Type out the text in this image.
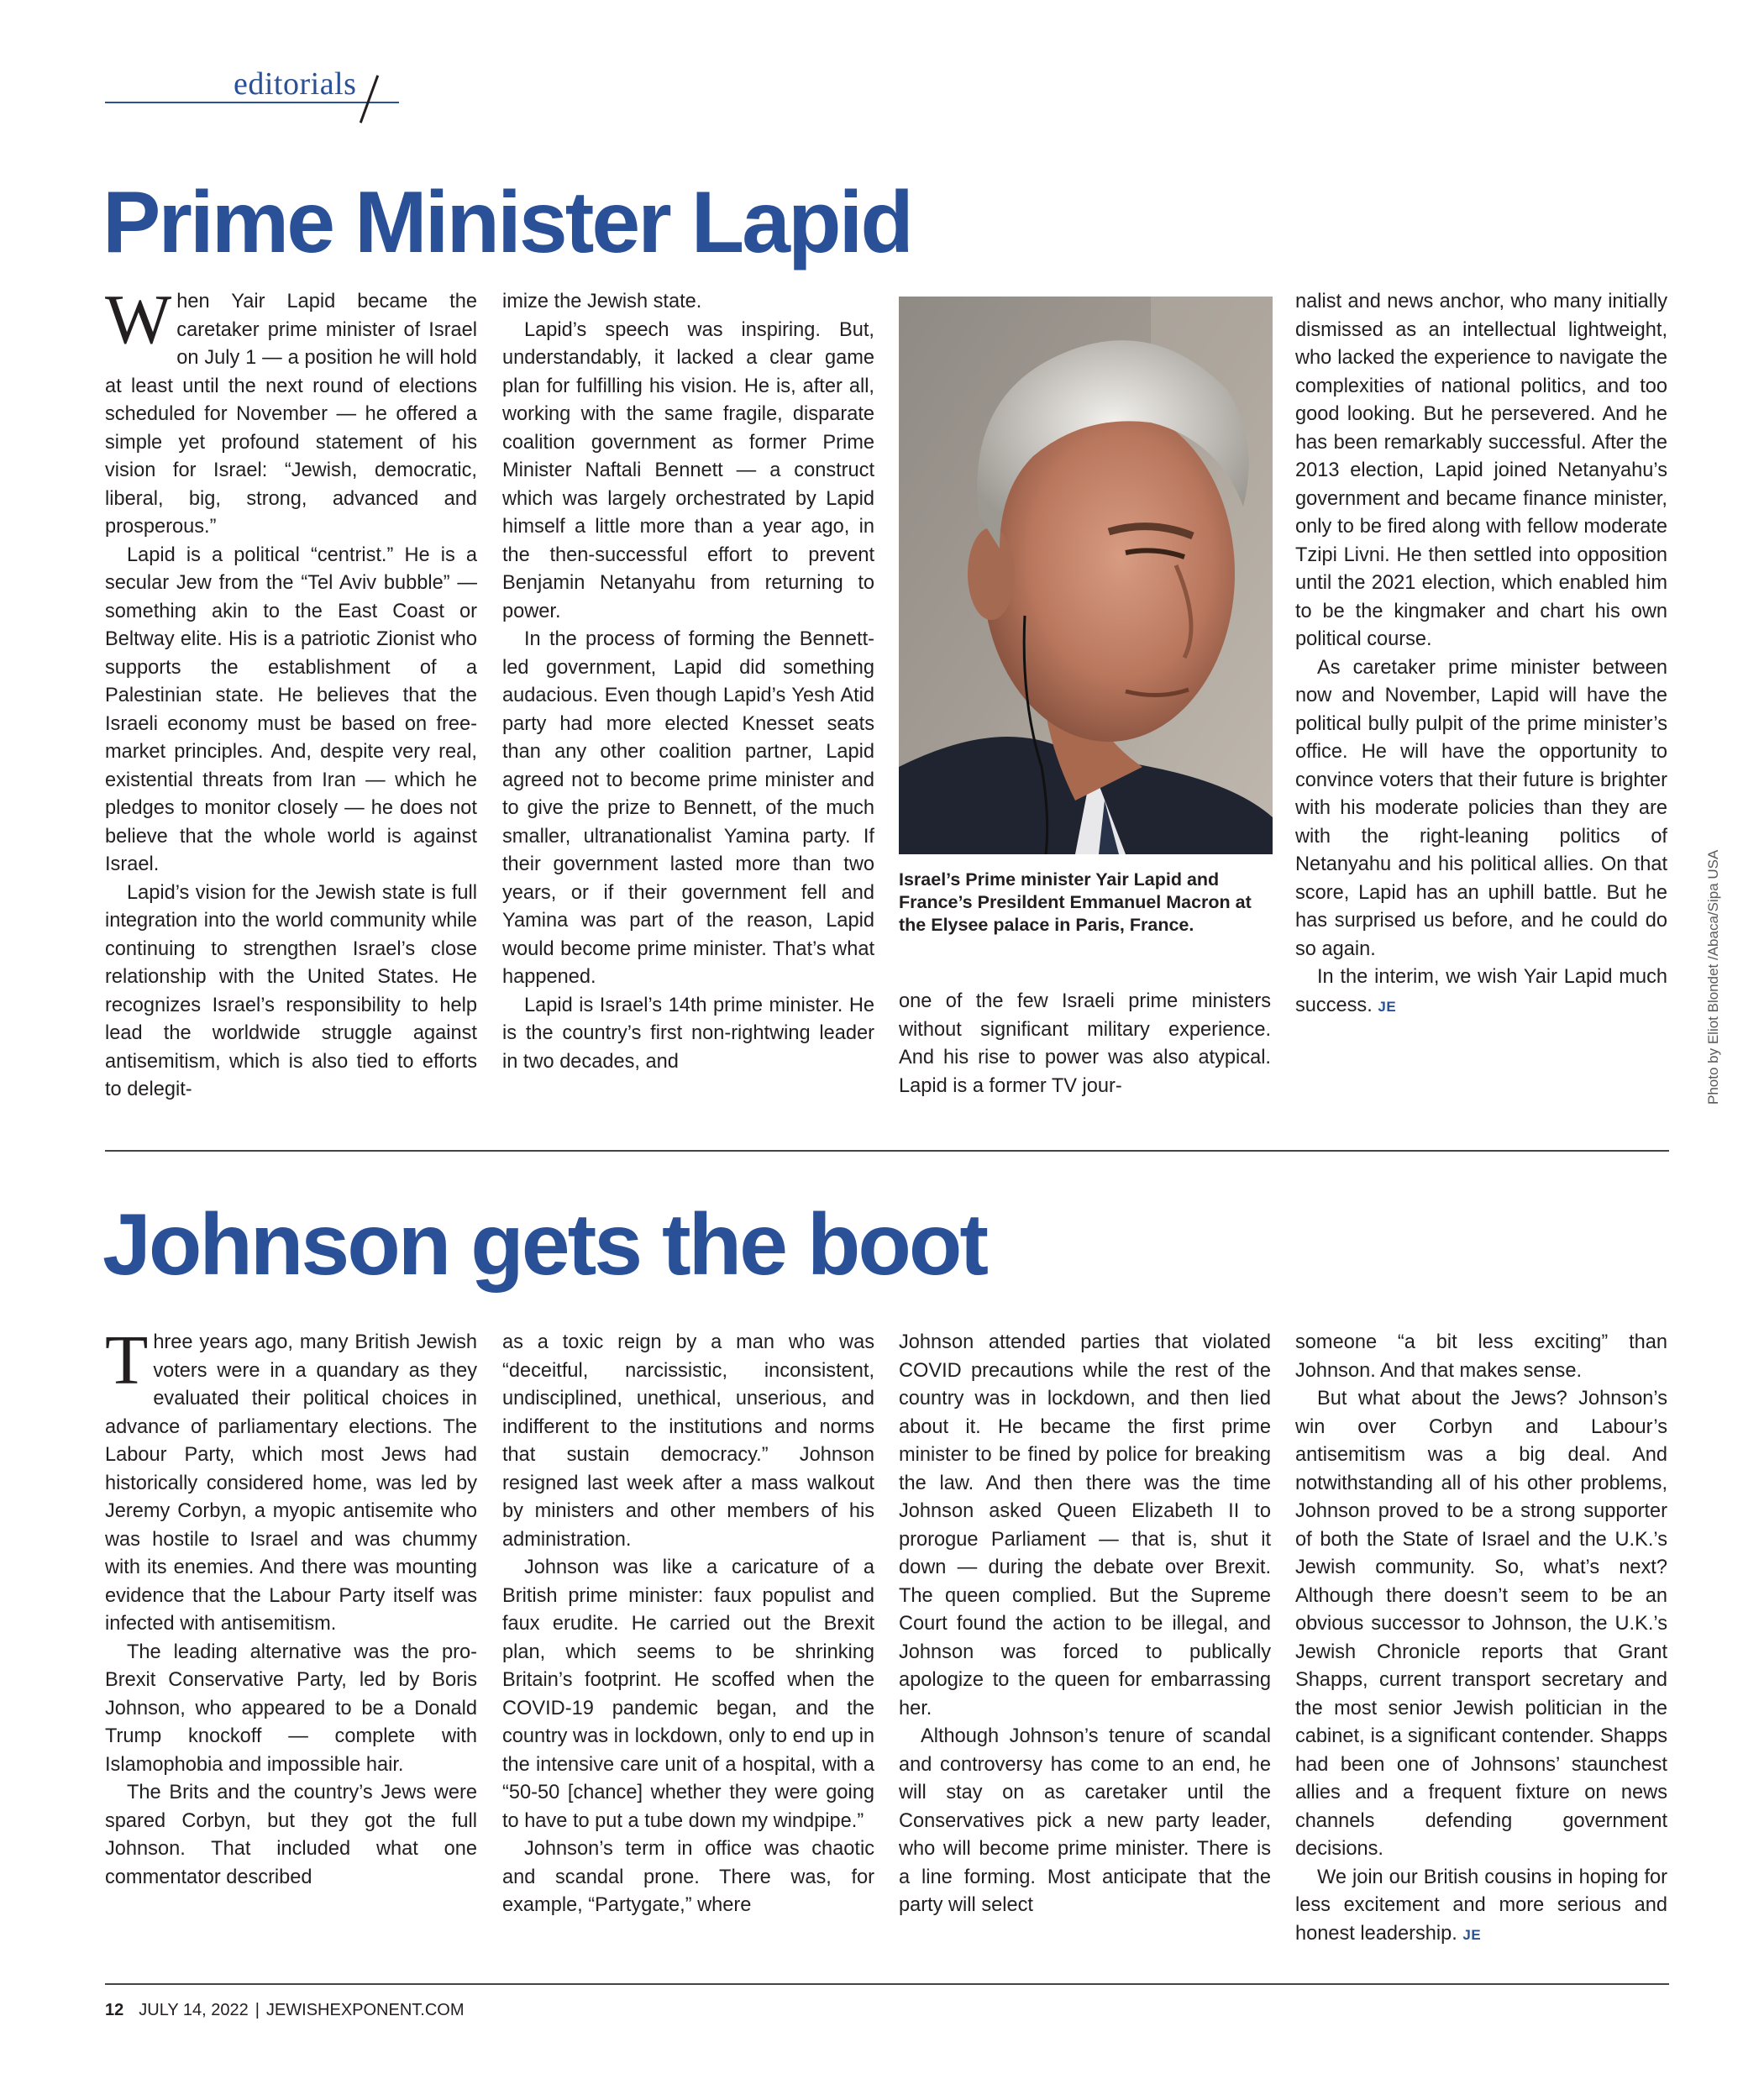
editorials
Prime Minister Lapid

When Yair Lapid became the caretaker prime minister of Israel on July 1 — a position he will hold at least until the next round of elections scheduled for November — he offered a simple yet profound statement of his vision for Israel: “Jewish, democratic, liberal, big, strong, advanced and prosperous.”

Lapid is a political “centrist.” He is a secular Jew from the “Tel Aviv bubble” — something akin to the East Coast or Beltway elite. His is a patriotic Zionist who supports the establishment of a Palestinian state. He believes that the Israeli economy must be based on free-market principles. And, despite very real, existential threats from Iran — which he pledges to monitor closely — he does not believe that the whole world is against Israel.

Lapid’s vision for the Jewish state is full integration into the world community while continuing to strengthen Israel’s close relationship with the United States. He recognizes Israel’s responsibility to help lead the worldwide struggle against antisemitism, which is also tied to efforts to delegit-

imize the Jewish state.

Lapid’s speech was inspiring. But, understandably, it lacked a clear game plan for fulfilling his vision. He is, after all, working with the same fragile, disparate coalition government as former Prime Minister Naftali Bennett — a construct which was largely orchestrated by Lapid himself a little more than a year ago, in the then-successful effort to prevent Benjamin Netanyahu from returning to power.

In the process of forming the Bennett-led government, Lapid did something audacious. Even though Lapid’s Yesh Atid party had more elected Knesset seats than any other coalition partner, Lapid agreed not to become prime minister and to give the prize to Bennett, of the much smaller, ultranationalist Yamina party. If their government lasted more than two years, or if their government fell and Yamina was part of the reason, Lapid would become prime minister. That’s what happened.

Lapid is Israel’s 14th prime minister. He is the country’s first non-rightwing leader in two decades, and

Israel’s Prime minister Yair Lapid and France’s Presildent Emmanuel Macron at the Elysee palace in Paris, France.

one of the few Israeli prime ministers without significant military experience. And his rise to power was also atypical. Lapid is a former TV jour-

nalist and news anchor, who many initially dismissed as an intellectual lightweight, who lacked the experience to navigate the complexities of national politics, and too good looking. But he persevered. And he has been remarkably successful. After the 2013 election, Lapid joined Netanyahu’s government and became finance minister, only to be fired along with fellow moderate Tzipi Livni. He then settled into opposition until the 2021 election, which enabled him to be the kingmaker and chart his own political course.

As caretaker prime minister between now and November, Lapid will have the political bully pulpit of the prime minister’s office. He will have the opportunity to convince voters that their future is brighter with his moderate policies than they are with the right-leaning politics of Netanyahu and his political allies. On that score, Lapid has an uphill battle. But he has surprised us before, and he could do so again.

In the interim, we wish Yair Lapid much success. JE	Photo by Eliot Blondet /Abaca/Sipa USA
Johnson gets the boot

Three years ago, many British Jewish voters were in a quandary as they evaluated their political choices in advance of parliamentary elections. The Labour Party, which most Jews had historically considered home, was led by Jeremy Corbyn, a myopic antisemite who was hostile to Israel and was chummy with its enemies. And there was mounting evidence that the Labour Party itself was infected with antisemitism.

The leading alternative was the pro-Brexit Conservative Party, led by Boris Johnson, who appeared to be a Donald Trump knockoff — complete with Islamophobia and impossible hair.

The Brits and the country’s Jews were spared Corbyn, but they got the full Johnson. That included what one commentator described

as a toxic reign by a man who was “deceitful, narcissistic, inconsistent, undisciplined, unethical, unserious, and indifferent to the institutions and norms that sustain democracy.” Johnson resigned last week after a mass walkout by ministers and other members of his administration.

Johnson was like a caricature of a British prime minister: faux populist and faux erudite. He carried out the Brexit plan, which seems to be shrinking Britain’s footprint. He scoffed when the COVID-19 pandemic began, and the country was in lockdown, only to end up in the intensive care unit of a hospital, with a “50-50 [chance] whether they were going to have to put a tube down my windpipe.”

Johnson’s term in office was chaotic and scandal prone. There was, for example, “Partygate,” where

Johnson attended parties that violated COVID precautions while the rest of the country was in lockdown, and then lied about it. He became the first prime minister to be fined by police for breaking the law. And then there was the time Johnson asked Queen Elizabeth II to prorogue Parliament — that is, shut it down — during the debate over Brexit. The queen complied. But the Supreme Court found the action to be illegal, and Johnson was forced to publically apologize to the queen for embarrassing her.

Although Johnson’s tenure of scandal and controversy has come to an end, he will stay on as caretaker until the Conservatives pick a new party leader, who will become prime minister. There is a line forming. Most anticipate that the party will select

someone “a bit less exciting” than Johnson. And that makes sense.

But what about the Jews? Johnson’s win over Corbyn and Labour’s antisemitism was a big deal. And notwithstanding all of his other problems, Johnson proved to be a strong supporter of both the State of Israel and the U.K.’s Jewish community. So, what’s next? Although there doesn’t seem to be an obvious successor to Johnson, the U.K.’s Jewish Chronicle reports that Grant Shapps, current transport secretary and the most senior Jewish politician in the cabinet, is a significant contender. Shapps had been one of Johnsons’ staunchest allies and a frequent fixture on news channels defending government decisions.

We join our British cousins in hoping for less excitement and more serious and honest leadership. JE

12 JULY 14, 2022 | JEWISHEXPONENT.COM
